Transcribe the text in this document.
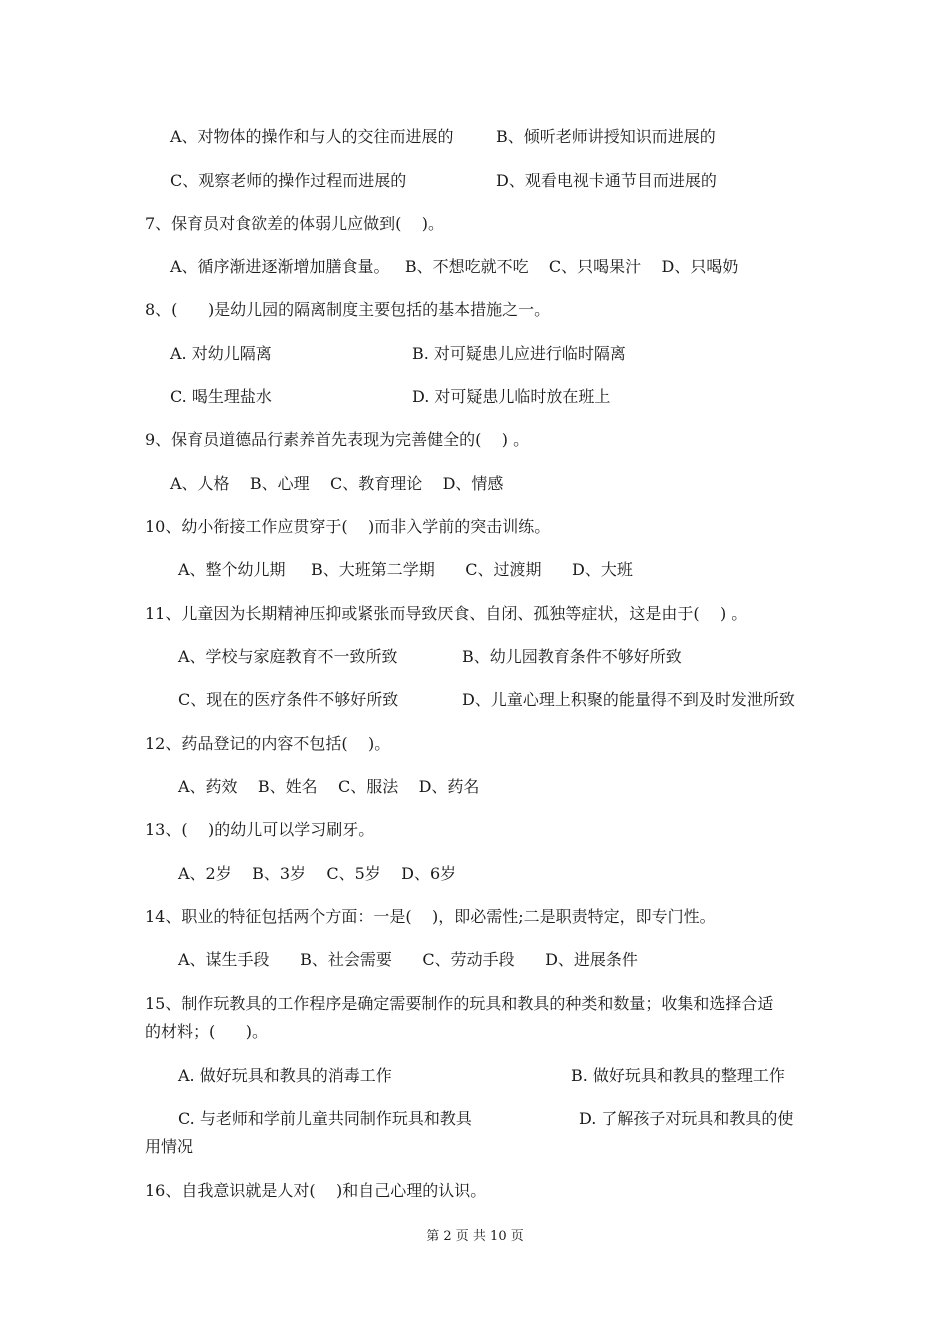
A、对物体的操作和与人的交往而进展的	B、倾听老师讲授知识而进展的
C、观察老师的操作过程而进展的	D、观看电视卡通节目而进展的
7、保育员对食欲差的体弱儿应做到(    )。
A、循序渐进逐渐增加膳食量。   B、不想吃就不吃    C、只喝果汁    D、只喝奶
8、(      )是幼儿园的隔离制度主要包括的基本措施之一。
A. 对幼儿隔离	B. 对可疑患儿应进行临时隔离
C. 喝生理盐水	D. 对可疑患儿临时放在班上
9、保育员道德品行素养首先表现为完善健全的(    ) 。
A、人格    B、心理    C、教育理论    D、情感
10、幼小衔接工作应贯穿于(    )而非入学前的突击训练。
A、整个幼儿期     B、大班第二学期      C、过渡期      D、大班
11、儿童因为长期精神压抑或紧张而导致厌食、自闭、孤独等症状，这是由于(    ) 。
A、学校与家庭教育不一致所致	B、幼儿园教育条件不够好所致
C、现在的医疗条件不够好所致	D、儿童心理上积聚的能量得不到及时发泄所致
12、药品登记的内容不包括(    )。
A、药效    B、姓名    C、服法    D、药名
13、(    )的幼儿可以学习刷牙。
A、2岁    B、3岁    C、5岁    D、6岁
14、职业的特征包括两个方面：一是(    )，即必需性;二是职责特定，即专门性。
A、谋生手段      B、社会需要      C、劳动手段      D、进展条件
15、制作玩教具的工作程序是确定需要制作的玩具和教具的种类和数量；收集和选择合适
的材料；(      )。
A. 做好玩具和教具的消毒工作	B. 做好玩具和教具的整理工作
C. 与老师和学前儿童共同制作玩具和教具	D. 了解孩子对玩具和教具的使
用情况
16、自我意识就是人对(    )和自己心理的认识。
第 2 页 共 10 页
